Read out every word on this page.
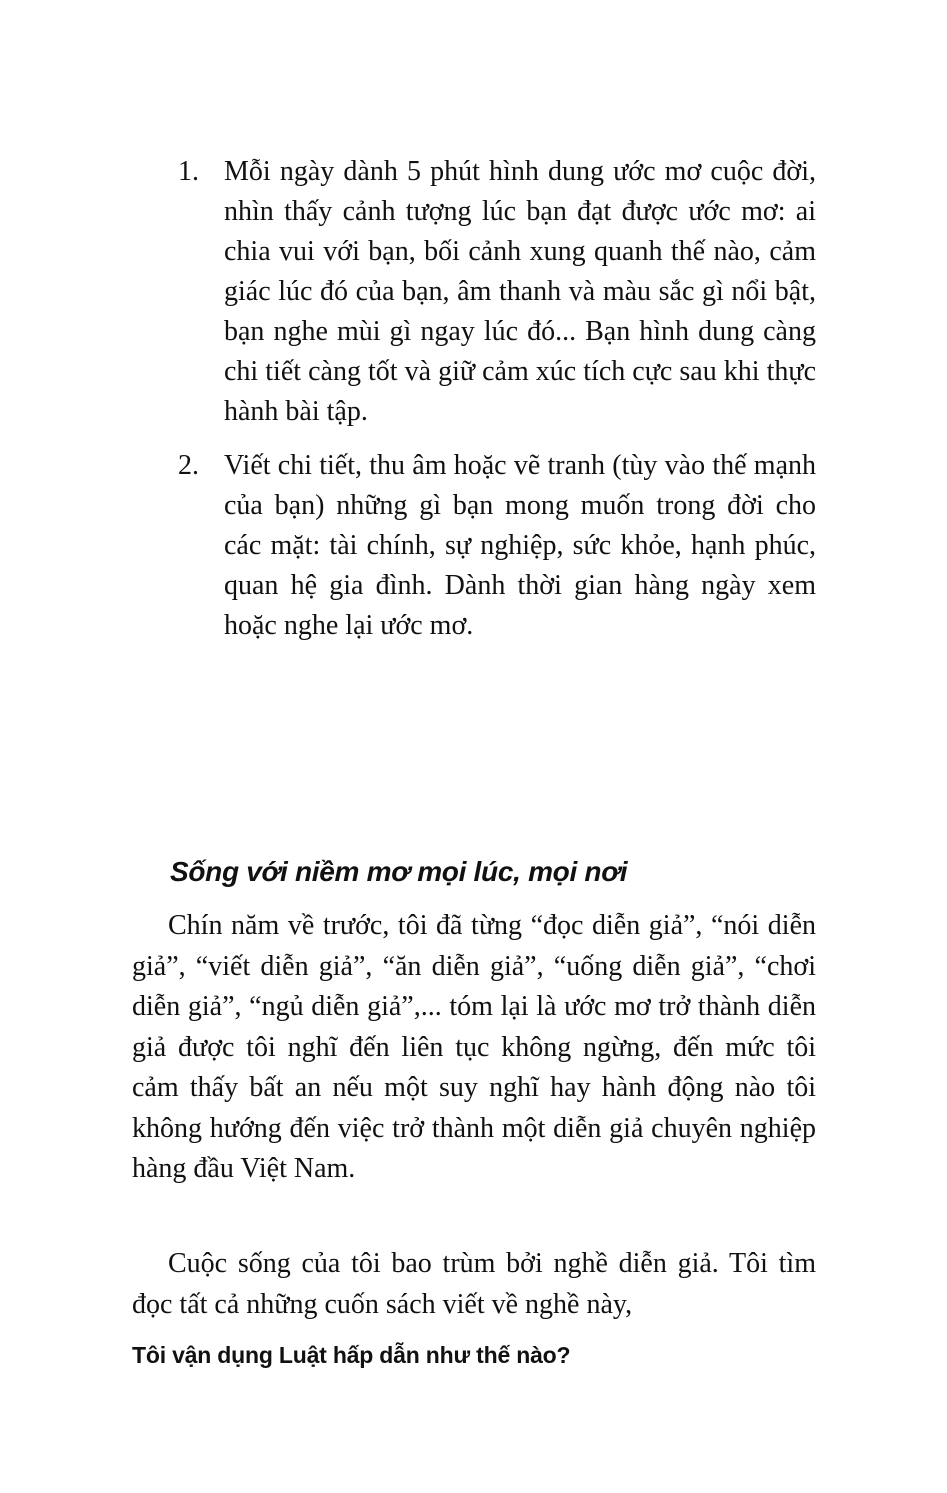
1. Mỗi ngày dành 5 phút hình dung ước mơ cuộc đời, nhìn thấy cảnh tượng lúc bạn đạt được ước mơ: ai chia vui với bạn, bối cảnh xung quanh thế nào, cảm giác lúc đó của bạn, âm thanh và màu sắc gì nổi bật, bạn nghe mùi gì ngay lúc đó... Bạn hình dung càng chi tiết càng tốt và giữ cảm xúc tích cực sau khi thực hành bài tập.

2. Viết chi tiết, thu âm hoặc vẽ tranh (tùy vào thế mạnh của bạn) những gì bạn mong muốn trong đời cho các mặt: tài chính, sự nghiệp, sức khỏe, hạnh phúc, quan hệ gia đình. Dành thời gian hàng ngày xem hoặc nghe lại ước mơ.

Sống với niềm mơ mọi lúc, mọi nơi

Chín năm về trước, tôi đã từng “đọc diễn giả”, “nói diễn giả”, “viết diễn giả”, “ăn diễn giả”, “uống diễn giả”, “chơi diễn giả”, “ngủ diễn giả”,... tóm lại là ước mơ trở thành diễn giả được tôi nghĩ đến liên tục không ngừng, đến mức tôi cảm thấy bất an nếu một suy nghĩ hay hành động nào tôi không hướng đến việc trở thành một diễn giả chuyên nghiệp hàng đầu Việt Nam.

Cuộc sống của tôi bao trùm bởi nghề diễn giả. Tôi tìm đọc tất cả những cuốn sách viết về nghề này,

Tôi vận dụng Luật hấp dẫn như thế nào?
